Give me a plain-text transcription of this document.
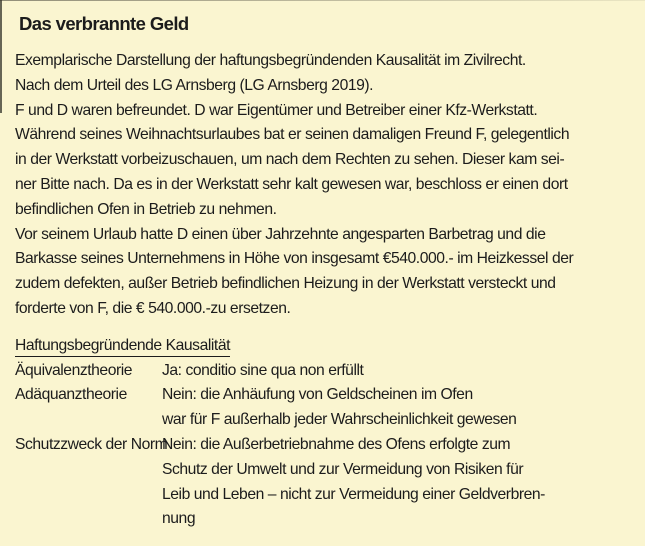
Das verbrannte Geld
Exemplarische Darstellung der haftungsbegründenden Kausalität im Zivilrecht.
Nach dem Urteil des LG Arnsberg (LG Arnsberg 2019).
F und D waren befreundet. D war Eigentümer und Betreiber einer Kfz-Werkstatt.
Während seines Weihnachtsurlaubes bat er seinen damaligen Freund F, gelegentlich
in der Werkstatt vorbeizuschauen, um nach dem Rechten zu sehen. Dieser kam sei-
ner Bitte nach. Da es in der Werkstatt sehr kalt gewesen war, beschloss er einen dort
befindlichen Ofen in Betrieb zu nehmen.
Vor seinem Urlaub hatte D einen über Jahrzehnte angesparten Barbetrag und die
Barkasse seines Unternehmens in Höhe von insgesamt €540.000.- im Heizkessel der
zudem defekten, außer Betrieb befindlichen Heizung in der Werkstatt versteckt und
forderte von F, die € 540.000.-zu ersetzen.
Haftungsbegründende Kausalität
Äquivalenztheorie	Ja: conditio sine qua non erfüllt
Adäquanztheorie	Nein: die Anhäufung von Geldscheinen im Ofen
war für F außerhalb jeder Wahrscheinlichkeit gewesen
Schutzzweck der Norm
Nein: die Außerbetriebnahme des Ofens erfolgte zum
Schutz der Umwelt und zur Vermeidung von Risiken für
Leib und Leben – nicht zur Vermeidung einer Geldverbren-
nung
